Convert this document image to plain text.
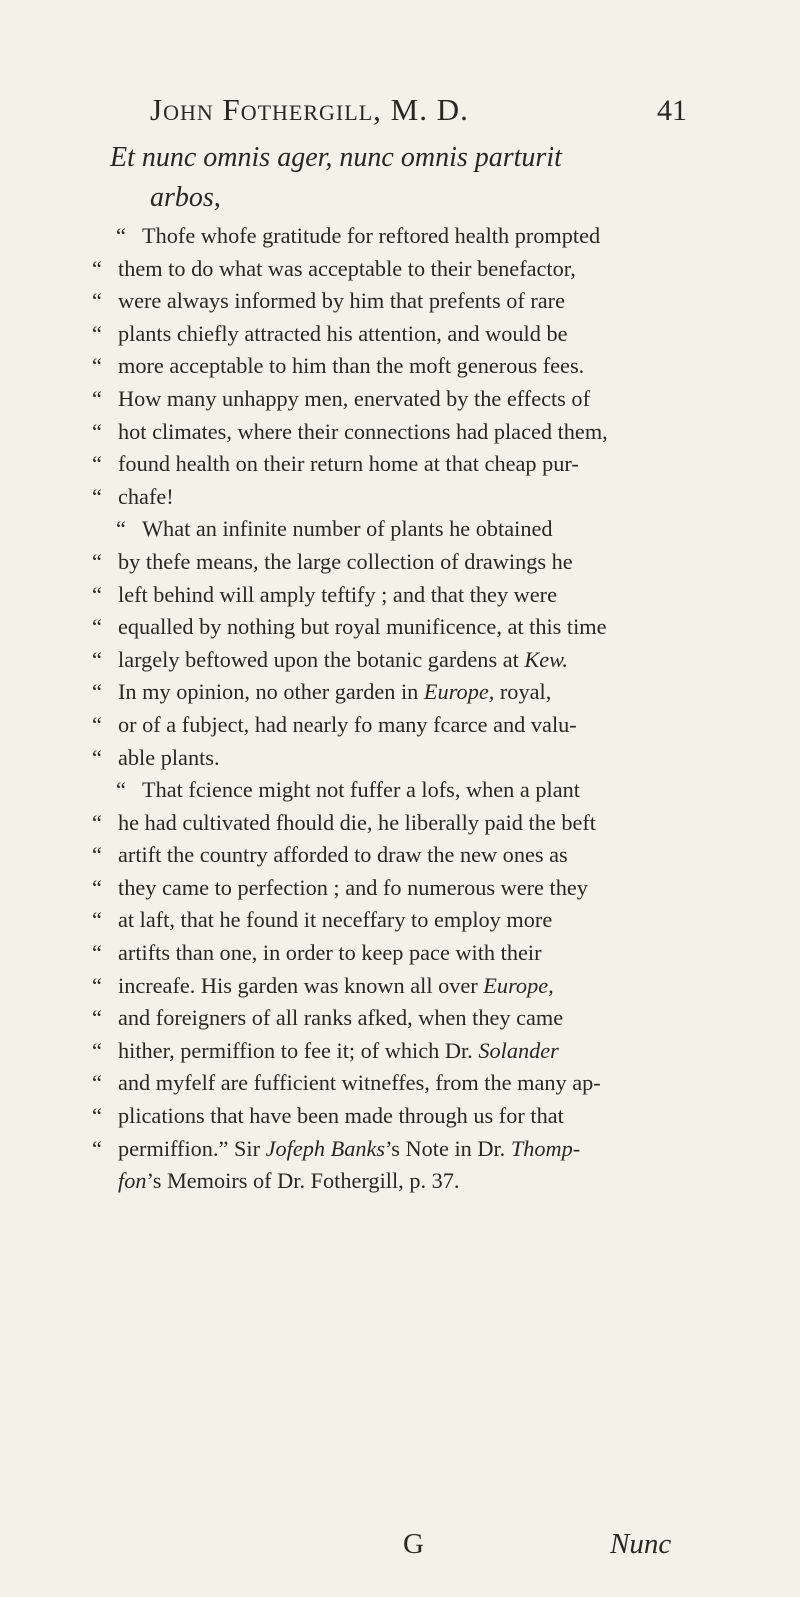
John Fothergill, M. D.	41
Et nunc omnis ager, nunc omnis parturit
arbos,
“ Thofe whofe gratitude for reftored health prompted
“ them to do what was acceptable to their benefactor,
“ were always informed by him that prefents of rare
“ plants chiefly attracted his attention, and would be
“ more acceptable to him than the moft generous fees.
“ How many unhappy men, enervated by the effects of
“ hot climates, where their connections had placed them,
“ found health on their return home at that cheap pur-
“ chafe!
“ What an infinite number of plants he obtained
“ by thefe means, the large collection of drawings he
“ left behind will amply teftify ; and that they were
“ equalled by nothing but royal munificence, at this time
“ largely beftowed upon the botanic gardens at Kew.
“ In my opinion, no other garden in Europe, royal,
“ or of a fubject, had nearly fo many fcarce and valu-
“ able plants.
“ That fcience might not fuffer a lofs, when a plant
“ he had cultivated fhould die, he liberally paid the beft
“ artift the country afforded to draw the new ones as
“ they came to perfection ; and fo numerous were they
“ at laft, that he found it neceffary to employ more
“ artifts than one, in order to keep pace with their
“ increafe. His garden was known all over Europe,
“ and foreigners of all ranks afked, when they came
“ hither, permiffion to fee it; of which Dr. Solander
“ and myfelf are fufficient witneffes, from the many ap-
“ plications that have been made through us for that
“ permiffion.” Sir Jofeph Banks’s Note in Dr. Thomp-
fon’s Memoirs of Dr. Fothergill, p. 37.
G	Nunc
